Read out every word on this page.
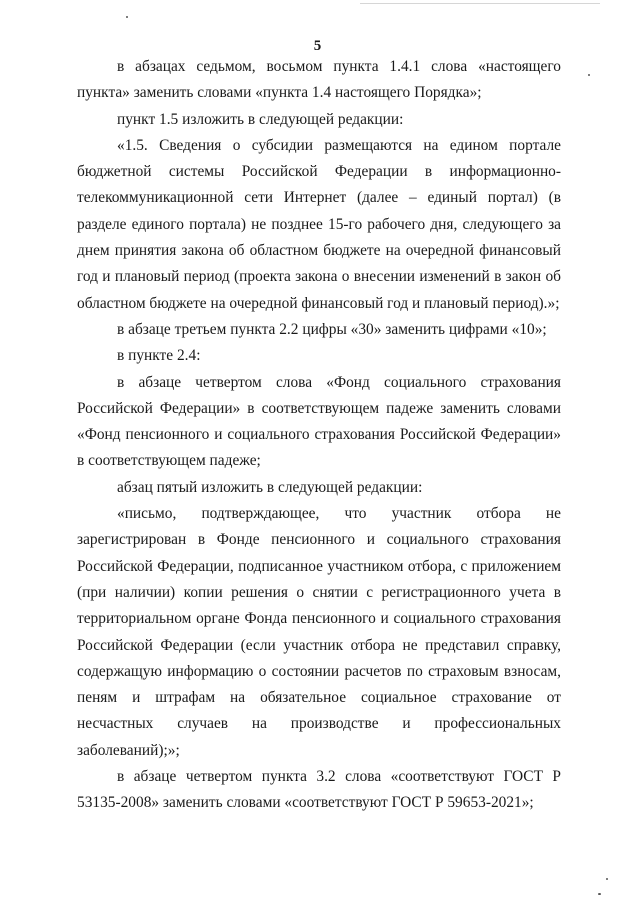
5

в абзацах седьмом, восьмом пункта 1.4.1 слова «настоящего пункта» заменить словами «пункта 1.4 настоящего Порядка»;

пункт 1.5 изложить в следующей редакции:

«1.5. Сведения о субсидии размещаются на едином портале бюджетной системы Российской Федерации в информационно-телекоммуникационной сети Интернет (далее – единый портал) (в разделе единого портала) не позднее 15-го рабочего дня, следующего за днем принятия закона об областном бюджете на очередной финансовый год и плановый период (проекта закона о внесении изменений в закон об областном бюджете на очередной финансовый год и плановый период).»;

в абзаце третьем пункта 2.2 цифры «30» заменить цифрами «10»;

в пункте 2.4:

в абзаце четвертом слова «Фонд социального страхования Российской Федерации» в соответствующем падеже заменить словами «Фонд пенсионного и социального страхования Российской Федерации» в соответствующем падеже;

абзац пятый изложить в следующей редакции:

«письмо, подтверждающее, что участник отбора не зарегистрирован в Фонде пенсионного и социального страхования Российской Федерации, подписанное участником отбора, с приложением (при наличии) копии решения о снятии с регистрационного учета в территориальном органе Фонда пенсионного и социального страхования Российской Федерации (если участник отбора не представил справку, содержащую информацию о состоянии расчетов по страховым взносам, пеням и штрафам на обязательное социальное страхование от несчастных случаев на производстве и профессиональных заболеваний);»;

в абзаце четвертом пункта 3.2 слова «соответствуют ГОСТ Р 53135-2008» заменить словами «соответствуют ГОСТ Р 59653-2021»;
